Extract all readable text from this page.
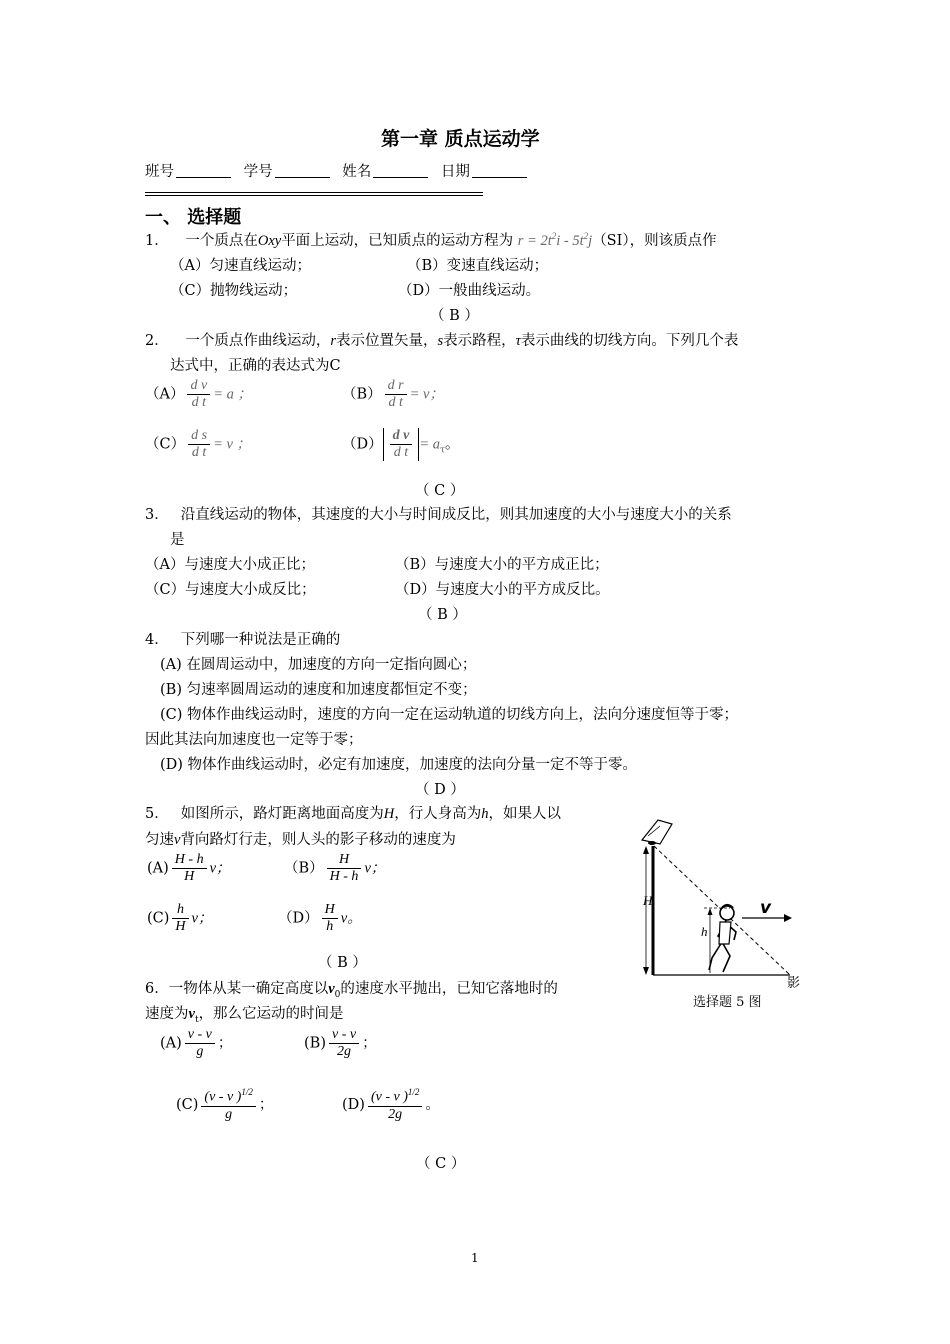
第一章 质点运动学
班号	学号	姓名	日期
一、 选择题
1． 一个质点在Oxy平面上运动，已知质点的运动方程为 $r = 2t^2i - 5t^2j(SI)$，则该质点作
（A）匀速直线运动；	（B）变速直线运动；
（C）抛物线运动；	（D）一般曲线运动。
（ B ）
2． 一个质点作曲线运动，r表示位置矢量，s表示路程，τ表示曲线的切线方向。下列几个表
达式中，正确的表达式为C
$(A) \frac{\text{d v}}{\text{d t}} = a$ ；	$(B) \frac{\text{d r}}{\text{d t}} = v$；
$(C) \frac{\text{d s}}{\text{d t}} = v$ ；	$(D) \frac{\text{d v}}{\text{d t}} = a_\tau$。
（ C ）
3． 沿直线运动的物体，其速度的大小与时间成反比，则其加速度的大小与速度大小的关系
是
（A）与速度大小成正比；	（B）与速度大小的平方成正比；
（C）与速度大小成反比；	（D）与速度大小的平方成反比。
（ B ）
4． 下列哪一种说法是正确的
(A) 在圆周运动中，加速度的方向一定指向圆心；
(B) 匀速率圆周运动的速度和加速度都恒定不变；
(C) 物体作曲线运动时，速度的方向一定在运动轨道的切线方向上，法向分速度恒等于零；
因此其法向加速度也一定等于零；
(D) 物体作曲线运动时，必定有加速度，加速度的法向分量一定不等于零。
（ D ）
5． 如图所示，路灯距离地面高度为H，行人身高为h，如果人以
匀速v背向路灯行走，则人头的影子移动的速度为
$(A) \frac{H - h}{H}$ v；	$(B) \frac{H}{H - h}$ v；
$(C) \frac{h}{H}$ v；	$(D) \frac{H}{h}$ v。
（ B ）
H
h
v
影
选择题 5 图
6．一物体从某一确定高度以$v_0$的速度水平抛出，已知它落地时的
速度为$v_t$，那么它运动的时间是
$(A) \frac{v - v}{g}$ ；	$(B) \frac{v - v}{2g}$ ；
$(C) \frac{(v - v )^{1/2}}{g}$ ；	$(D) \frac{(v - v )^{1/2}}{2g}$ 。
（ C ）
1
